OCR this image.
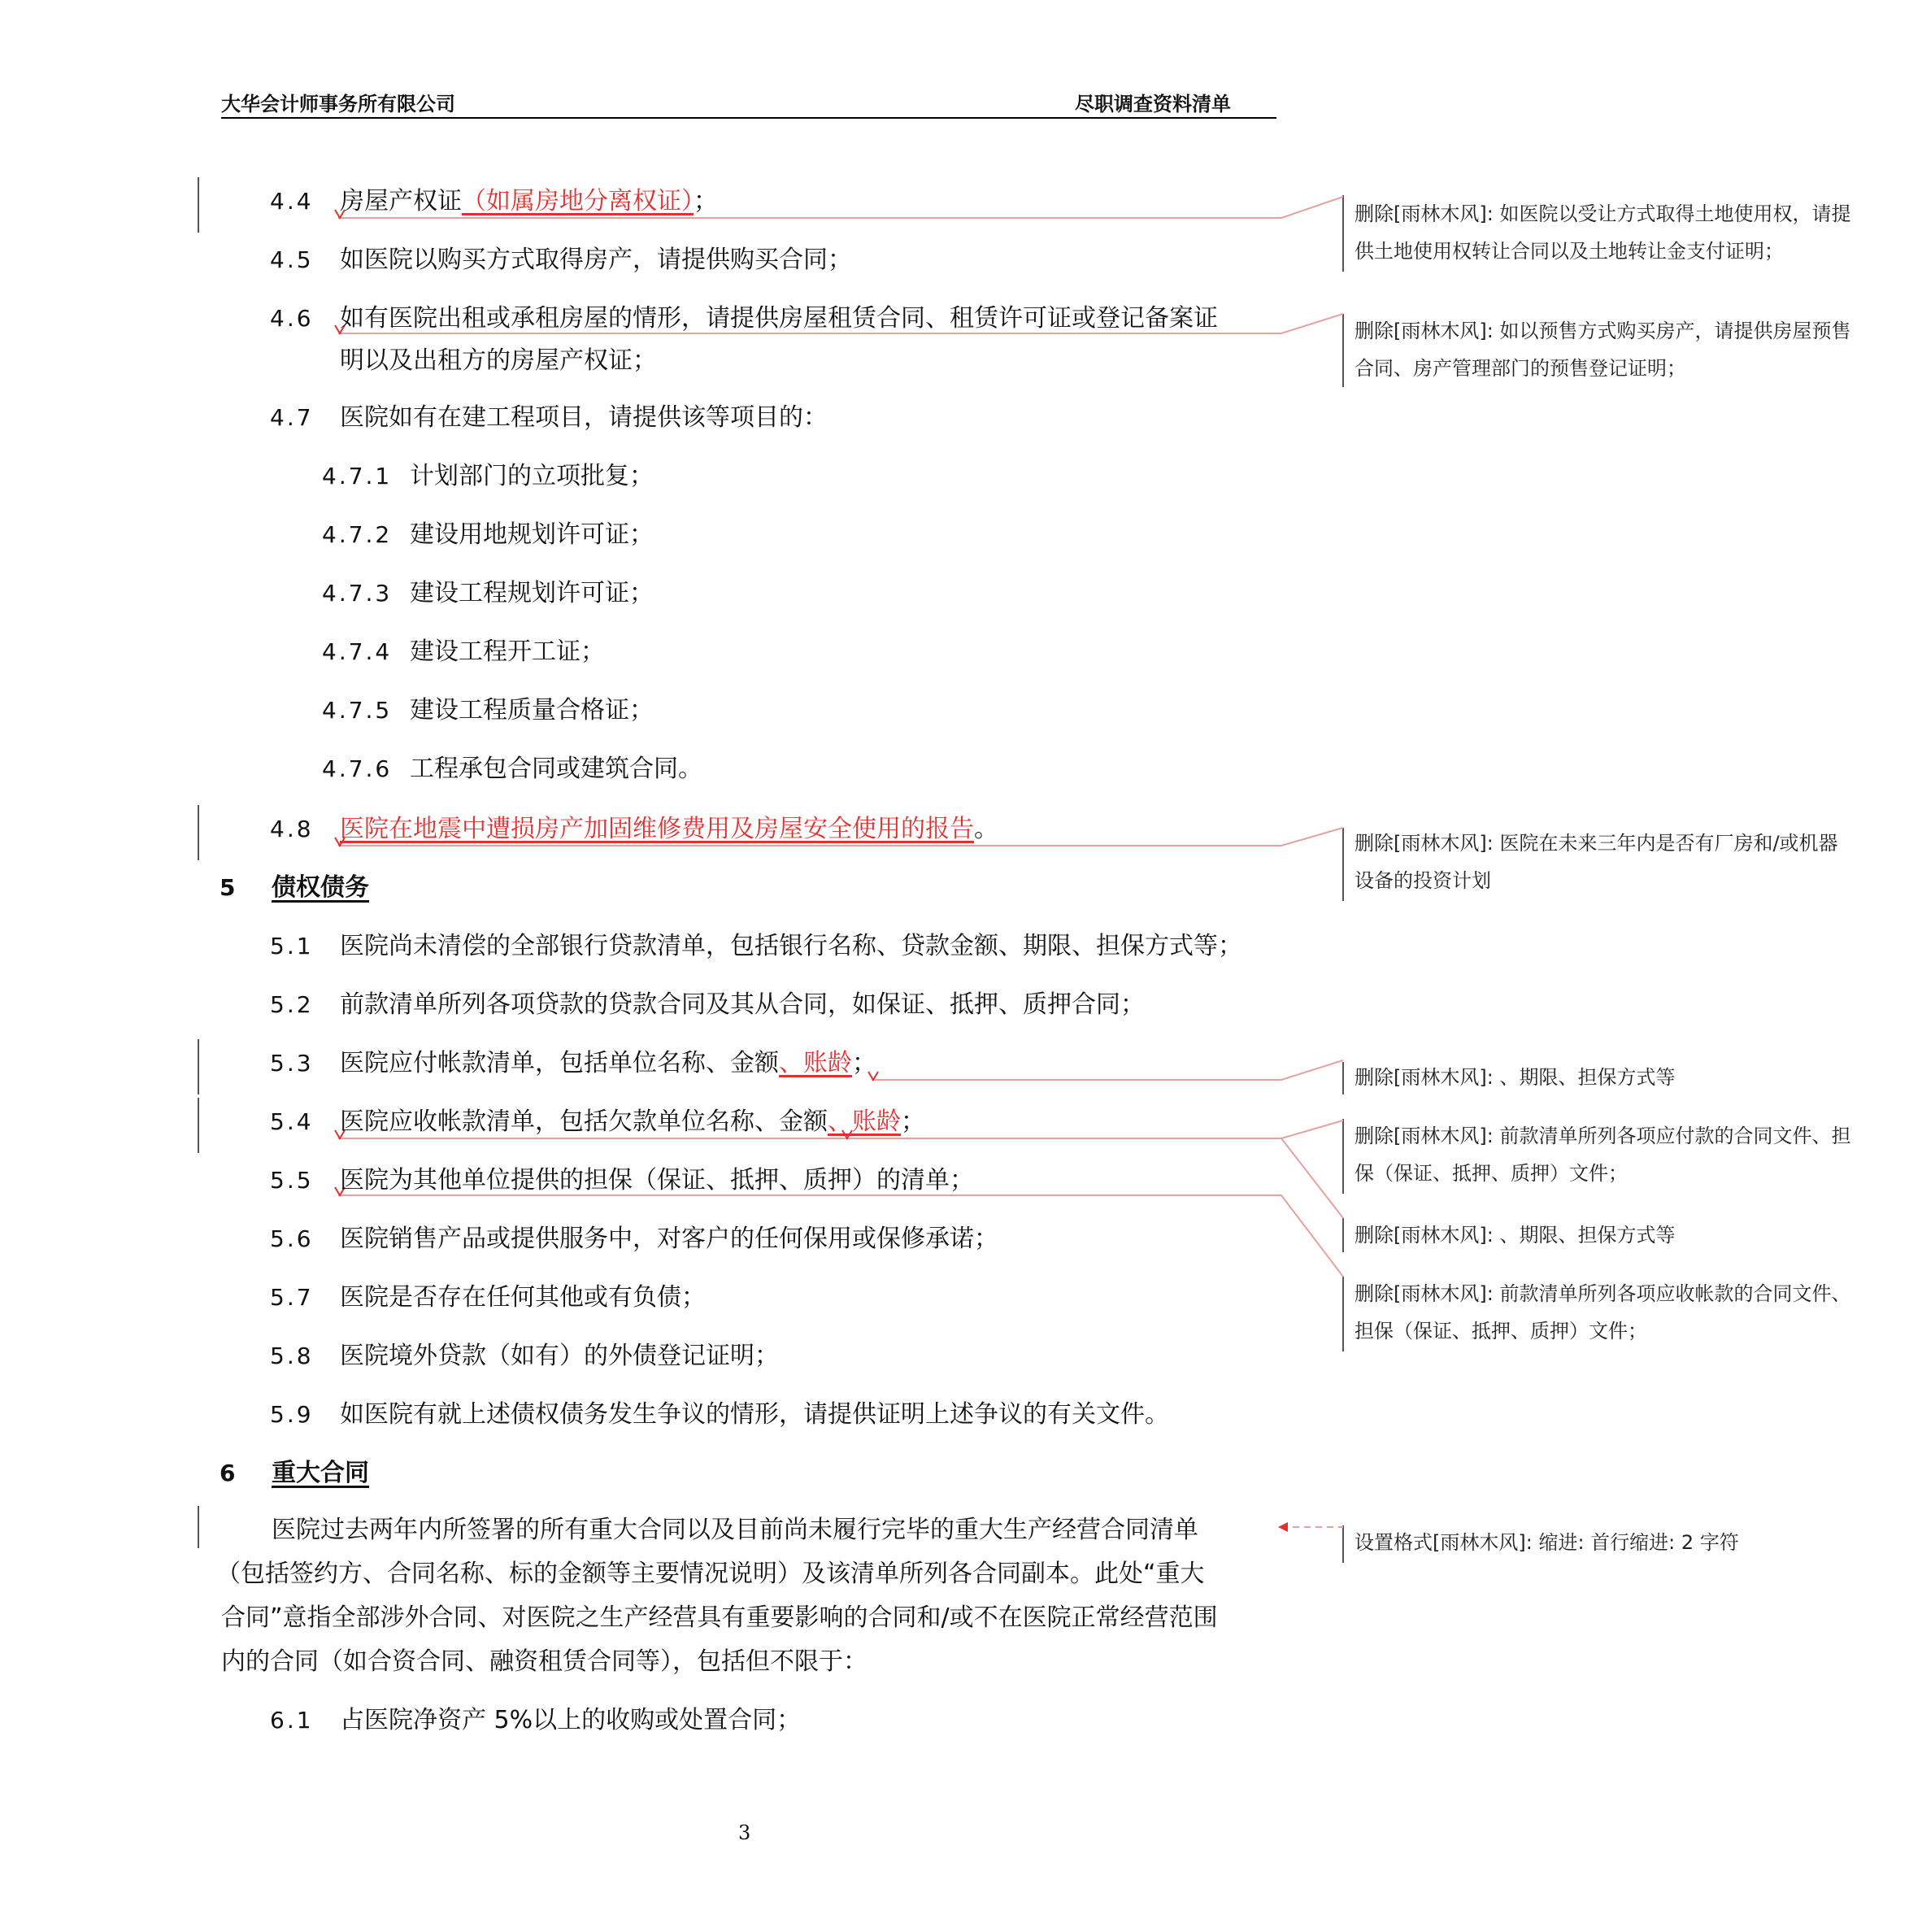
大华会计师事务所有限公司	尽职调查资料清单
4.4 房屋产权证（如属房地分离权证）；
4.5 如医院以购买方式取得房产，请提供购买合同；
4.6 如有医院出租或承租房屋的情形，请提供房屋租赁合同、租赁许可证或登记备案证
明以及出租方的房屋产权证；
4.7 医院如有在建工程项目，请提供该等项目的：
4.7.1 计划部门的立项批复；
4.7.2 建设用地规划许可证；
4.7.3 建设工程规划许可证；
4.7.4 建设工程开工证；
4.7.5 建设工程质量合格证；
4.7.6 工程承包合同或建筑合同。
4.8 医院在地震中遭损房产加固维修费用及房屋安全使用的报告。
5 债权债务
5.1 医院尚未清偿的全部银行贷款清单，包括银行名称、贷款金额、期限、担保方式等；
5.2 前款清单所列各项贷款的贷款合同及其从合同，如保证、抵押、质押合同；
5.3 医院应付帐款清单，包括单位名称、金额、账龄；
5.4 医院应收帐款清单，包括欠款单位名称、金额、账龄；
5.5 医院为其他单位提供的担保（保证、抵押、质押）的清单；
5.6 医院销售产品或提供服务中，对客户的任何保用或保修承诺；
5.7 医院是否存在任何其他或有负债；
5.8 医院境外贷款（如有）的外债登记证明；
5.9 如医院有就上述债权债务发生争议的情形，请提供证明上述争议的有关文件。
6 重大合同
医院过去两年内所签署的所有重大合同以及目前尚未履行完毕的重大生产经营合同清单
（包括签约方、合同名称、标的金额等主要情况说明）及该清单所列各合同副本。此处“重大
合同”意指全部涉外合同、对医院之生产经营具有重要影响的合同和/或不在医院正常经营范围
内的合同（如合资合同、融资租赁合同等），包括但不限于：
6.1 占医院净资产 5%以上的收购或处置合同；
删除[雨林木风]: 如医院以受让方式取得土地使用权，请提
供土地使用权转让合同以及土地转让金支付证明；
删除[雨林木风]: 如以预售方式购买房产，请提供房屋预售
合同、房产管理部门的预售登记证明；
删除[雨林木风]: 医院在未来三年内是否有厂房和/或机器
设备的投资计划
删除[雨林木风]: 、期限、担保方式等
删除[雨林木风]: 前款清单所列各项应付款的合同文件、担
保（保证、抵押、质押）文件；
删除[雨林木风]: 、期限、担保方式等
删除[雨林木风]: 前款清单所列各项应收帐款的合同文件、
担保（保证、抵押、质押）文件；
设置格式[雨林木风]: 缩进: 首行缩进: 2 字符
3
